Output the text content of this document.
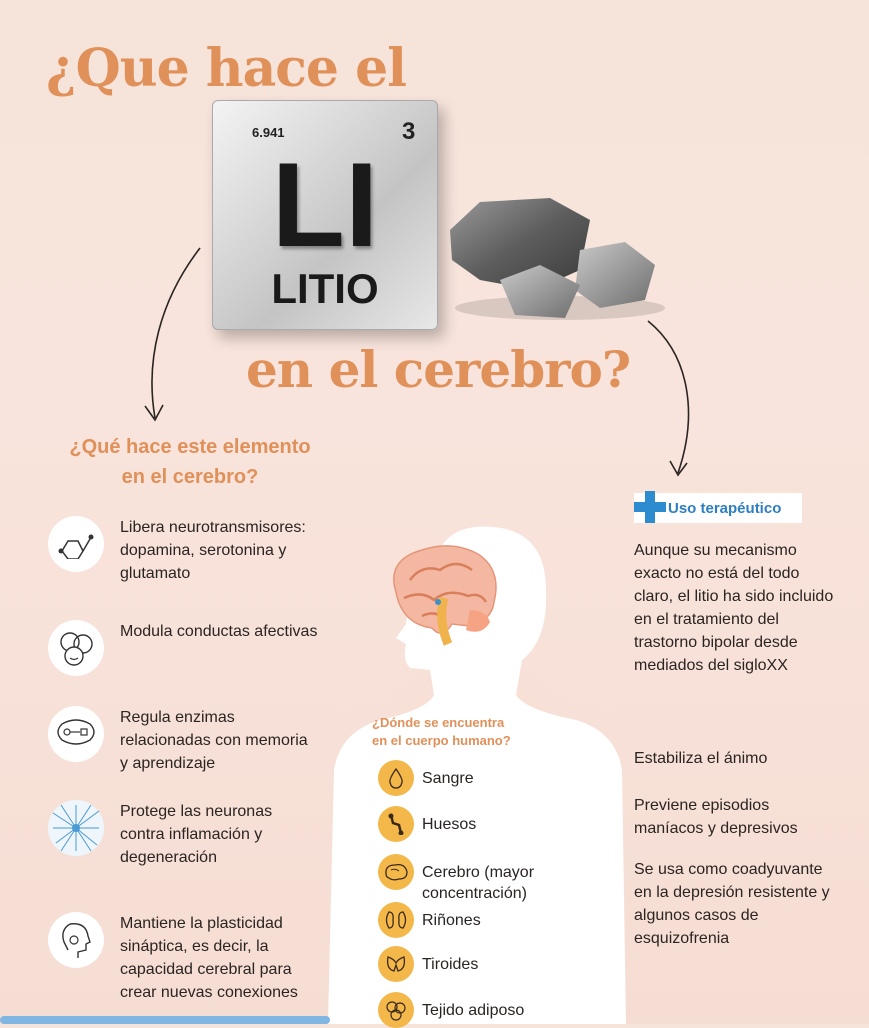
¿Que hace el
en el cerebro?
6.941	3
LI
LITIO
¿Qué hace este elemento
en el cerebro?
Libera neurotransmisores: dopamina, serotonina y glutamato
Modula conductas afectivas
Regula enzimas relacionadas con memoria y aprendizaje
Protege las neuronas contra inflamación y degeneración
Mantiene la plasticidad sináptica, es decir, la capacidad cerebral para crear nuevas conexiones
¿Dónde se encuentra
en el cuerpo humano?
Sangre
Huesos
Cerebro (mayor concentración)
Riñones
Tiroides
Tejido adiposo
Uso terapéutico
Aunque su mecanismo exacto no está del todo claro, el litio ha sido incluido en el tratamiento del trastorno bipolar desde mediados del sigloXX
Estabiliza el ánimo
Previene episodios maníacos y depresivos
Se usa como coadyuvante en la depresión resistente y algunos casos de esquizofrenia
